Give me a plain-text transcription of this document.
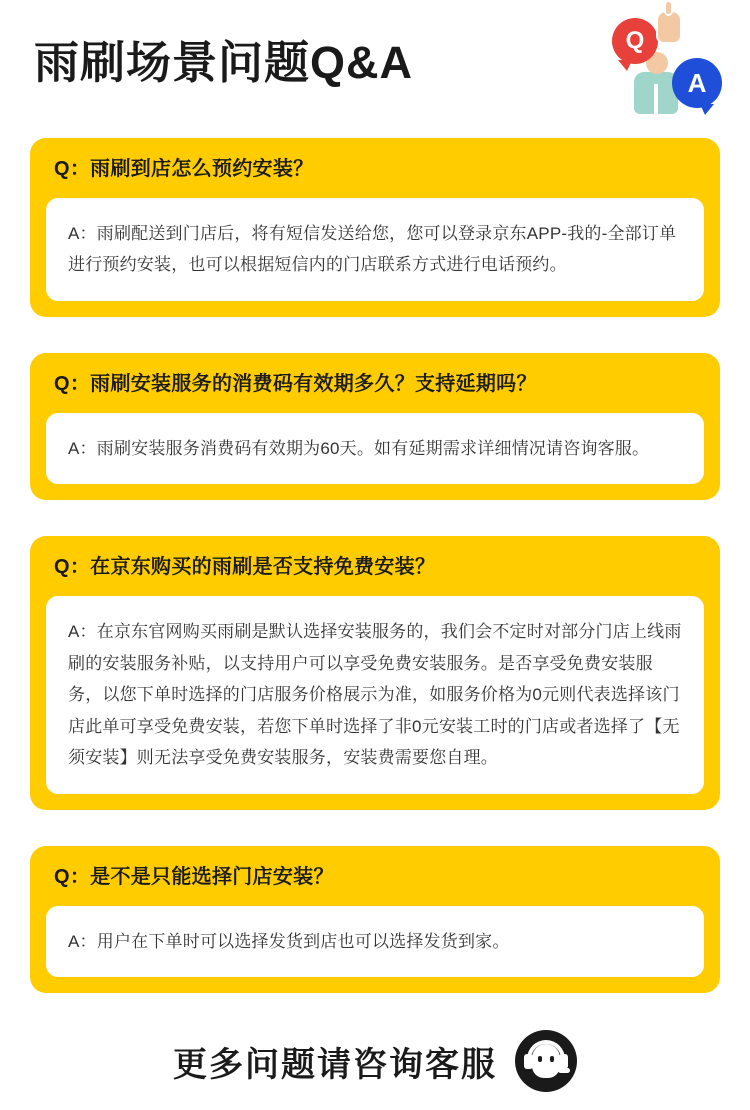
雨刷场景问题Q&A	Q
A
Q：雨刷到店怎么预约安装？
A：雨刷配送到门店后，将有短信发送给您，您可以登录京东APP-我的-全部订单进行预约安装，也可以根据短信内的门店联系方式进行电话预约。
Q：雨刷安装服务的消费码有效期多久？支持延期吗？
A：雨刷安装服务消费码有效期为60天。如有延期需求详细情况请咨询客服。
Q：在京东购买的雨刷是否支持免费安装？
A：在京东官网购买雨刷是默认选择安装服务的，我们会不定时对部分门店上线雨刷的安装服务补贴，以支持用户可以享受免费安装服务。是否享受免费安装服务，以您下单时选择的门店服务价格展示为准，如服务价格为0元则代表选择该门店此单可享受免费安装，若您下单时选择了非0元安装工时的门店或者选择了【无须安装】则无法享受免费安装服务，安装费需要您自理。
Q：是不是只能选择门店安装？
A：用户在下单时可以选择发货到店也可以选择发货到家。
更多问题请咨询客服
